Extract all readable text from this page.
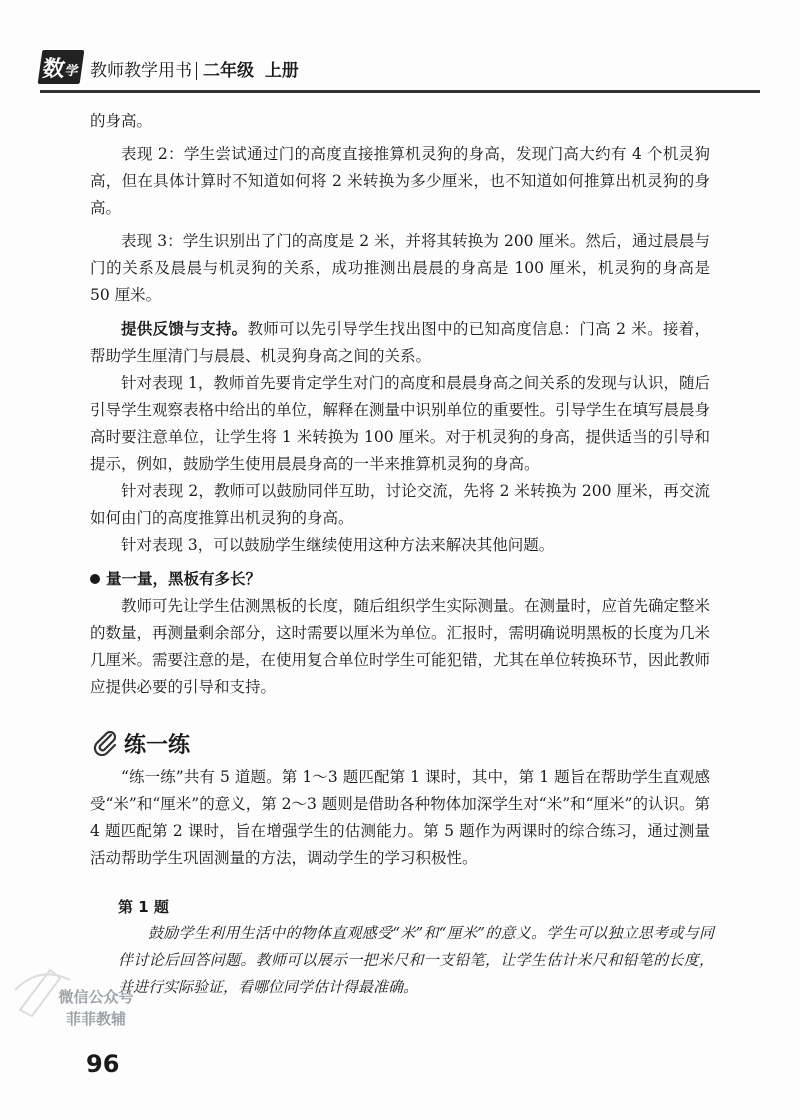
数
学 教师教学用书 二年级 上册

的身高。

表现 2：学生尝试通过门的高度直接推算机灵狗的身高，发现门高大约有 4 个机灵狗高，但在具体计算时不知道如何将 2 米转换为多少厘米，也不知道如何推算出机灵狗的身高。

表现 3：学生识别出了门的高度是 2 米，并将其转换为 200 厘米。然后，通过晨晨与门的关系及晨晨与机灵狗的关系，成功推测出晨晨的身高是 100 厘米，机灵狗的身高是 50 厘米。

提供反馈与支持。教师可以先引导学生找出图中的已知高度信息：门高 2 米。接着，帮助学生厘清门与晨晨、机灵狗身高之间的关系。

针对表现 1，教师首先要肯定学生对门的高度和晨晨身高之间关系的发现与认识，随后引导学生观察表格中给出的单位，解释在测量中识别单位的重要性。引导学生在填写晨晨身高时要注意单位，让学生将 1 米转换为 100 厘米。对于机灵狗的身高，提供适当的引导和提示，例如，鼓励学生使用晨晨身高的一半来推算机灵狗的身高。

针对表现 2，教师可以鼓励同伴互助，讨论交流，先将 2 米转换为 200 厘米，再交流如何由门的高度推算出机灵狗的身高。

针对表现 3，可以鼓励学生继续使用这种方法来解决其他问题。

量一量，黑板有多长？

教师可先让学生估测黑板的长度，随后组织学生实际测量。在测量时，应首先确定整米的数量，再测量剩余部分，这时需要以厘米为单位。汇报时，需明确说明黑板的长度为几米几厘米。需要注意的是，在使用复合单位时学生可能犯错，尤其在单位转换环节，因此教师应提供必要的引导和支持。

练一练

“练一练”共有 5 道题。第 1～3 题匹配第 1 课时，其中，第 1 题旨在帮助学生直观感受“米”和“厘米”的意义，第 2～3 题则是借助各种物体加深学生对“米”和“厘米”的认识。第 4 题匹配第 2 课时，旨在增强学生的估测能力。第 5 题作为两课时的综合练习，通过测量活动帮助学生巩固测量的方法，调动学生的学习积极性。

第 1 题

鼓励学生利用生活中的物体直观感受“米”和“厘米”的意义。学生可以独立思考或与同伴讨论后回答问题。教师可以展示一把米尺和一支铅笔，让学生估计米尺和铅笔的长度，并进行实际验证，看哪位同学估计得最准确。

微信公众号
菲菲教辅
96
